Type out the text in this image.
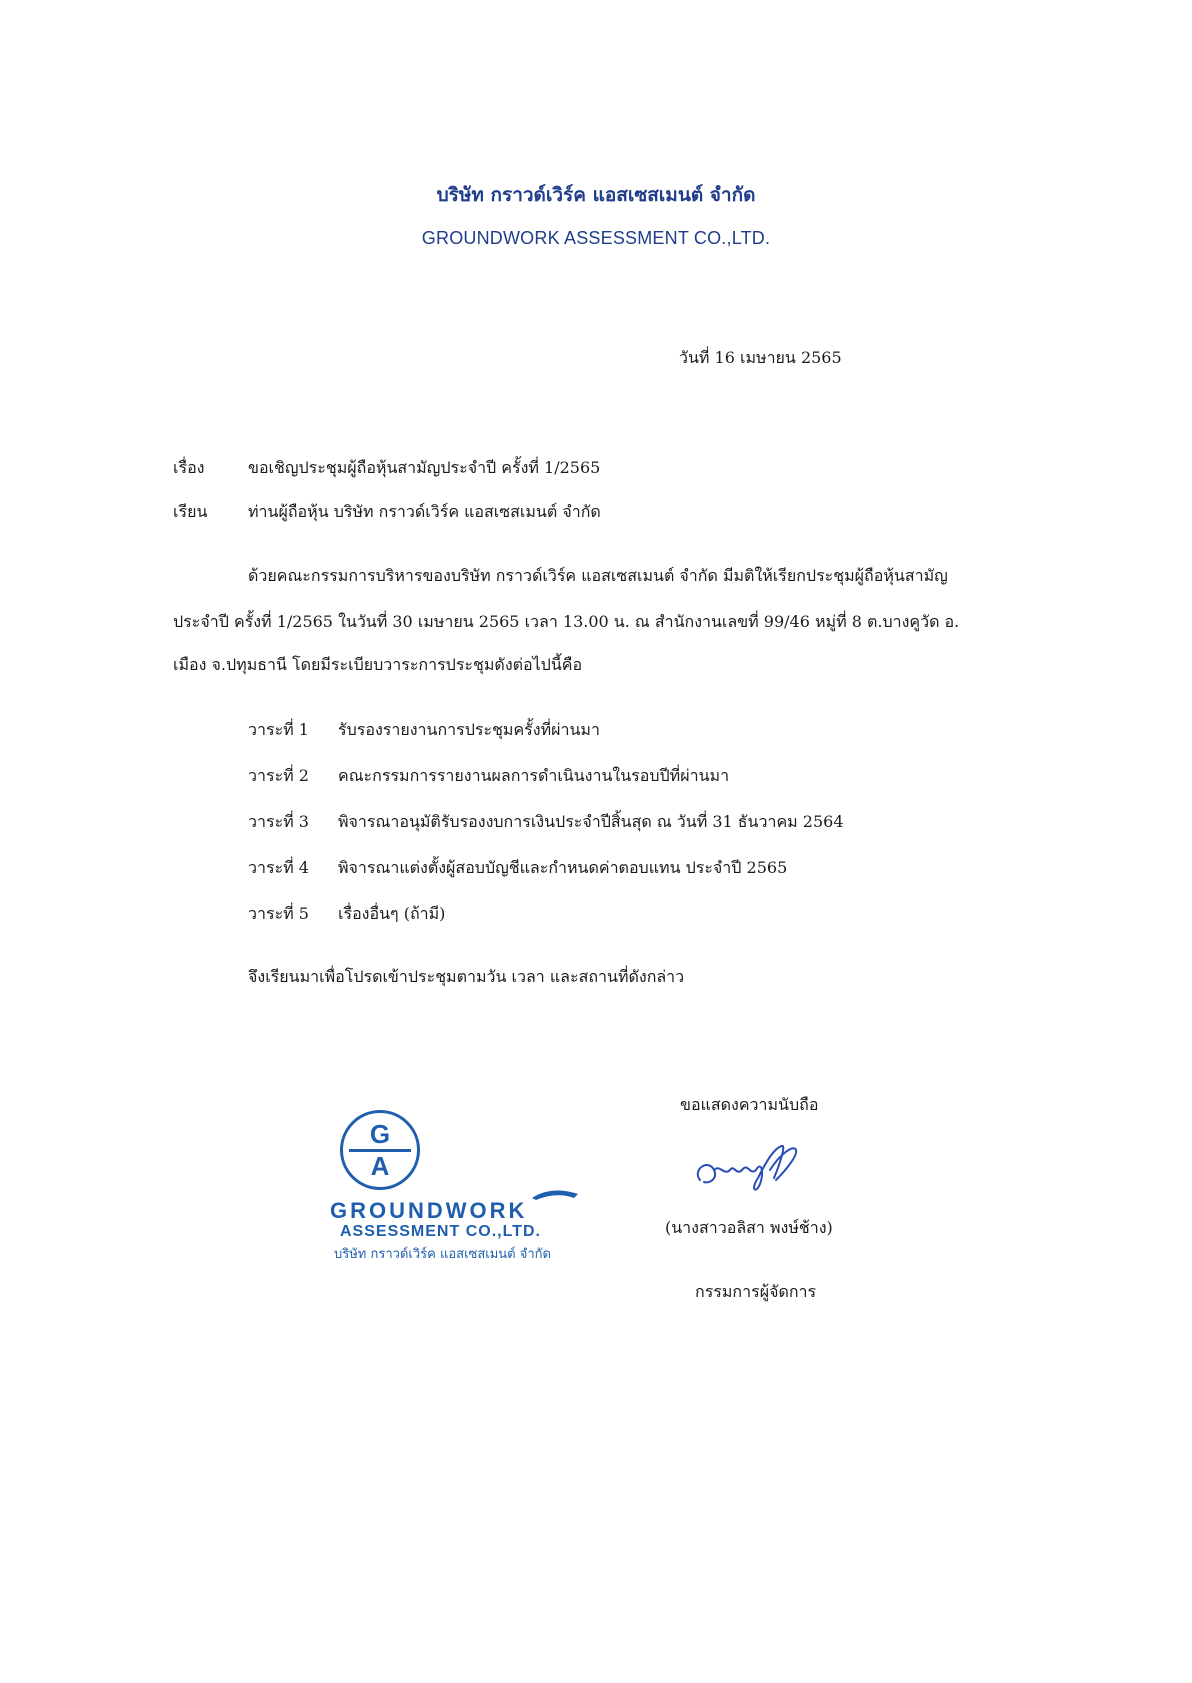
บริษัท กราวด์เวิร์ค แอสเซสเมนต์ จำกัด
GROUNDWORK ASSESSMENT CO.,LTD.
วันที่ 16 เมษายน 2565
เรื่อง	ขอเชิญประชุมผู้ถือหุ้นสามัญประจำปี ครั้งที่ 1/2565
เรียน	ท่านผู้ถือหุ้น บริษัท กราวด์เวิร์ค แอสเซสเมนต์ จำกัด
ด้วยคณะกรรมการบริหารของบริษัท กราวด์เวิร์ค แอสเซสเมนต์ จำกัด มีมติให้เรียกประชุมผู้ถือหุ้นสามัญ
ประจำปี ครั้งที่ 1/2565 ในวันที่ 30 เมษายน 2565 เวลา 13.00 น. ณ สำนักงานเลขที่ 99/46 หมู่ที่ 8 ต.บางคูวัด อ.
เมือง จ.ปทุมธานี โดยมีระเบียบวาระการประชุมดังต่อไปนี้คือ
วาระที่ 1 รับรองรายงานการประชุมครั้งที่ผ่านมา
วาระที่ 2 คณะกรรมการรายงานผลการดำเนินงานในรอบปีที่ผ่านมา
วาระที่ 3 พิจารณาอนุมัติรับรองงบการเงินประจำปีสิ้นสุด ณ วันที่ 31 ธันวาคม 2564
วาระที่ 4 พิจารณาแต่งตั้งผู้สอบบัญชีและกำหนดค่าตอบแทน ประจำปี 2565
วาระที่ 5 เรื่องอื่นๆ (ถ้ามี)
จึงเรียนมาเพื่อโปรดเข้าประชุมตามวัน เวลา และสถานที่ดังกล่าว
ขอแสดงความนับถือ
(นางสาวอลิสา พงษ์ช้าง)
กรรมการผู้จัดการ
G
A
GROUNDWORK
ASSESSMENT CO.,LTD.
บริษัท กราวด์เวิร์ค แอสเซสเมนต์ จำกัด
